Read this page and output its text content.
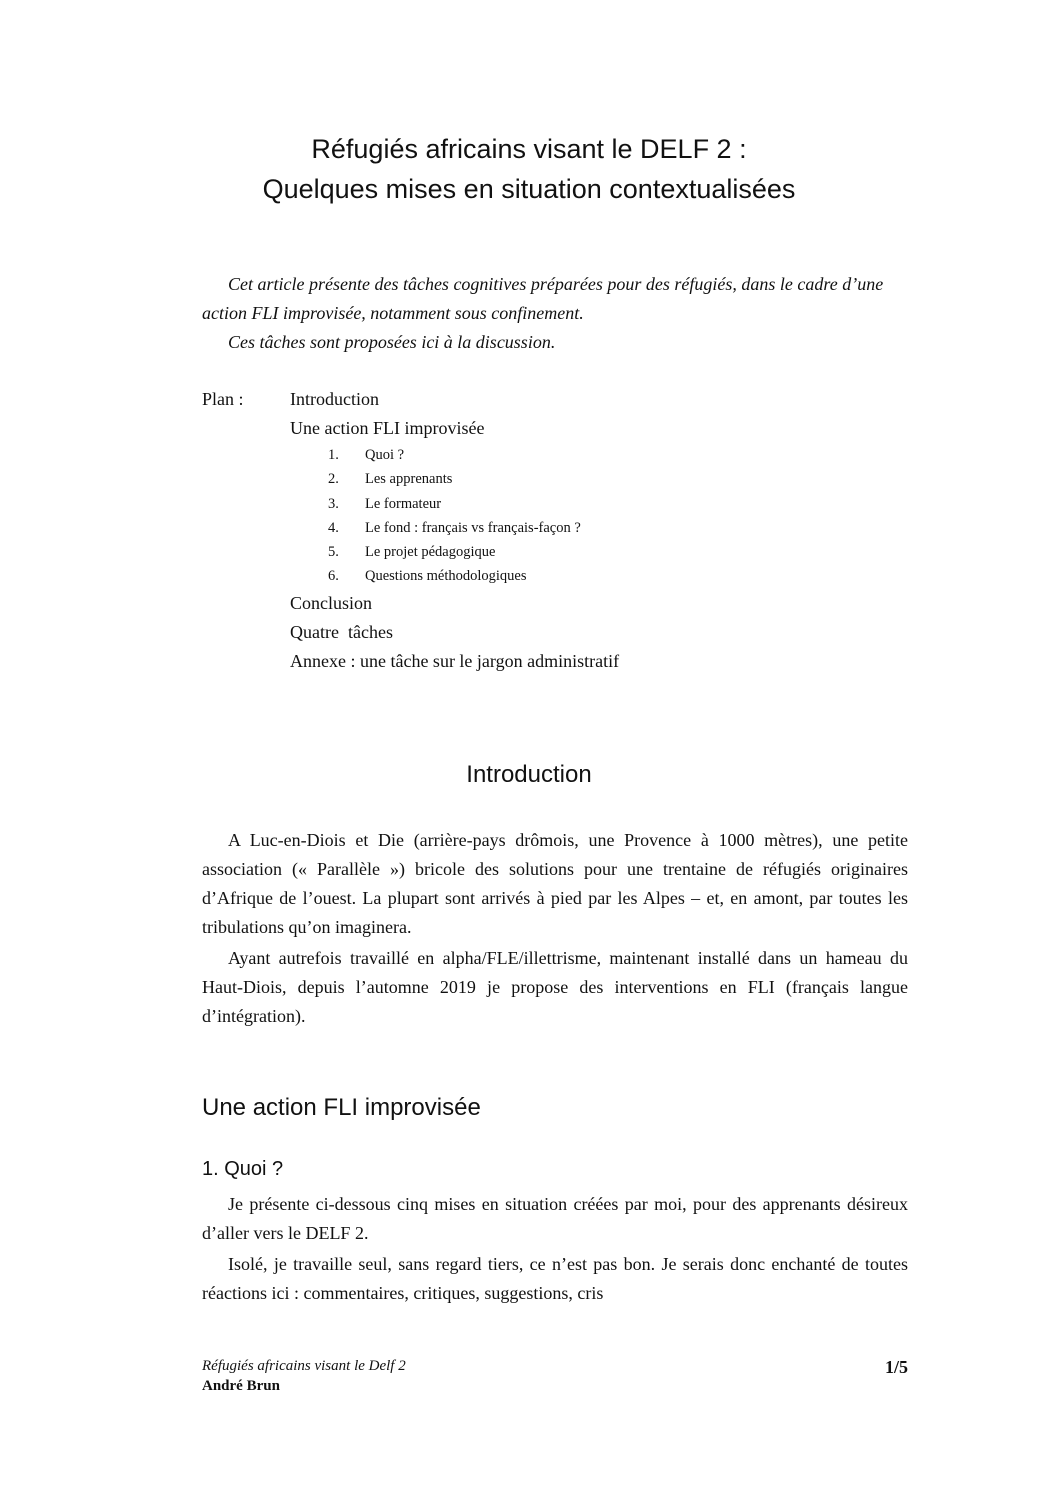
Réfugiés africains visant le DELF 2 :
Quelques mises en situation contextualisées

Cet article présente des tâches cognitives préparées pour des réfugiés, dans le cadre d’une action FLI improvisée, notamment sous confinement.

Ces tâches sont proposées ici à la discussion.

Plan :	Introduction
Une action FLI improvisée
1. Quoi ?
2. Les apprenants
3. Le formateur
4. Le fond : français vs français-façon ?
5. Le projet pédagogique
6. Questions méthodologiques
Conclusion
Quatre  tâches
Annexe : une tâche sur le jargon administratif
Introduction

A Luc-en-Diois et Die (arrière-pays drômois, une Provence à 1000 mètres), une petite association (« Parallèle ») bricole des solutions pour une trentaine de réfugiés originaires d’Afrique de l’ouest. La plupart sont arrivés à pied par les Alpes – et, en amont, par toutes les tribulations qu’on imaginera.

Ayant autrefois travaillé en alpha/FLE/illettrisme, maintenant installé dans un hameau du Haut-Diois, depuis l’automne 2019 je propose des interventions en FLI (français langue d’intégration).

Une action FLI improvisée
1. Quoi ?

Je présente ci-dessous cinq mises en situation créées par moi, pour des apprenants désireux d’aller vers le DELF 2.

Isolé, je travaille seul, sans regard tiers, ce n’est pas bon. Je serais donc enchanté de toutes réactions ici : commentaires, critiques, suggestions, cris

Réfugiés africains visant le Delf 2
André Brun
1/5
